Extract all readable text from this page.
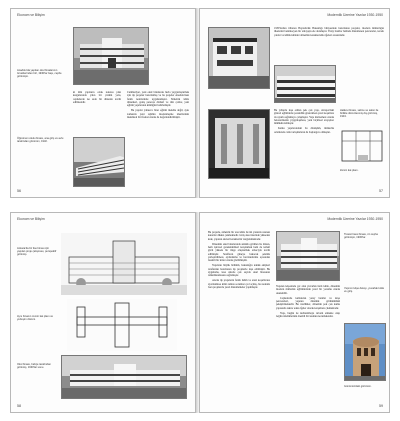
Ekonom ve Bilişim
Anadolu'da yapılan okul binalarının örneklerinden biri, 1930'lar başı, cephe görünüşü.

ki tüm yapıların ortak noktası plan kurgularında yalın bir çözüm yolu, cephelerde ise sade bir düzenin tercih edilmesidir.

Cumhuriyet, yeni okul binalarını hızla yaygınlaştırmak için tip projeler hazırlatmış ve bu projeler Anadolu'nun farklı kentlerinde uygulanmıştır. Simetrik kütle düzenleri, geniş pencere dizileri ve düz çatılar, yeni eğitim yapılarının kimliğini belirlemiştir.

Bu yapılar yalnızca birer eğitim mekânı değil, aynı zamanda yeni rejimin modernleşme ideallerinin mekânsal bir ifadesi olarak da değerlendirilmiştir.

Öğretmen okulu binası, ana giriş ve avlu tarafından görünüm, 1932.
56
Modernlik Üzerine Yazılar 1930-1950

1930'lardan itibaren Bayındırlık Bakanlığı bünyesinde hazırlanan projeler, modern mimarlığın ilkelerini benimseyen bir anlayışla ele alınmıştır. Yatay bantlar halinde düzenlenen pencereler, teraslı çatılar ve kübik kütleler dönemin karakteristik öğeleri arasındadır.

Bu yıllarda inşa edilen pek çok yapı, Avrupa'daki güncel eğilimlerle paralellik gösterirken yerel koşullara da uyum sağlamaya çalışmıştır. Yapı malzemesi olarak betonarmenin yaygınlaşması, yeni biçimsel arayışları mümkün kılmıştır.

Kamu yapılarındaki bu dönüşüm, mimarlık ortamında canlı tartışmaların da başlangıcı olmuştur.

Halkevi binası, sahne ve salon ile birlikte düzenlenmiş dış görünüş, 1934.
Zemin kat planı.
57
Ekonom ve Bilişim
Ankara'da bir lise binası için yapılan proje çalışması, perspektif görünüş.
Aynı binanın zemin kat planı ve yerleşim düzeni.
Okul binası, bahçe tarafından görünüş, 1930'lar sonu.
58
Modernlik Üzerine Yazılar 1930-1950

Bu projede, simetrik bir ana kütle ile iki yanında uzanan kanatlar dikkat çekmektedir. Giriş aksı üzerinde yükselen kule, yapının anıtsal karakterini vurgulamaktadır.

Dönemin okul binalarında sıklıkla görülen bu düzen, hem işlevsel gereksinimleri karşılamak hem de temsil gücü yüksek bir imge oluşturmak amacıyla tercih edilmiştir. Sınıfların güneye bakacak şekilde yerleştirilmesi, aydınlatma ve havalandırma açısından önemli bir kriter olarak görülmüştür.

Yapıların büyük bölümü, bakanlığın teknik ekipleri tarafından hazırlanan tip projelerle inşa edilmiştir. Bu uygulama, kısa sürede çok sayıda okul binasının tamamlanmasını sağlamıştır.

Ancak tip projelerin farklı iklim ve arazi koşullarına uyarlanması kimi zaman sorunlara yol açmış, bu nedenle bazı projelerde yerel düzenlemeler yapılmıştır.

Ticaret lisesi binası, ön cephe görünüşü, 1930'lar.

Yapının köşesinde yer alan yuvarlak hatlı kütle, dönemin modern mimarlık eğilimlerinin yerel bir yorumu olarak okunabilir.

Cephelerde kullanılan yatay bantlar ve köşe pencereleri, yapının dinamik görünümünü pekiştirmektedir. Bu özellikler, dönemin pek çok kamu yapısında tekrar eden öğeler olarak karşımıza çıkmaktadır.

Yapı, bugün de kullanılmaya devam etmekte olup özgün niteliklerinin önemli bir kısmını korumaktadır.

Yapının köşe detayı, yuvarlak kütle ve giriş.
Günümüzdeki görünüm.
59
